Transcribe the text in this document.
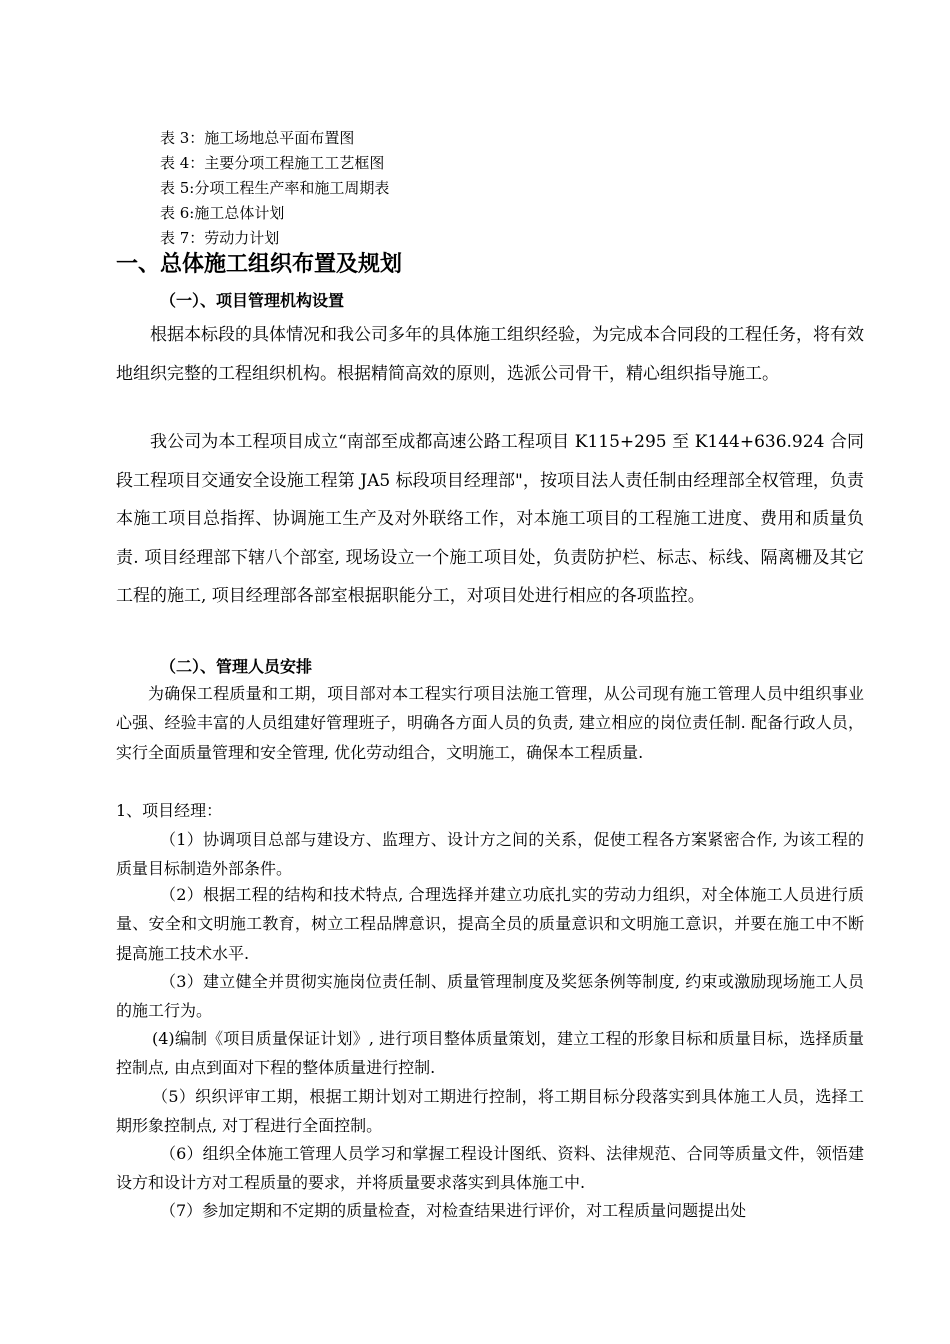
表 3：施工场地总平面布置图
表 4：主要分项工程施工工艺框图
表 5:分项工程生产率和施工周期表
表 6:施工总体计划
表 7：劳动力计划
一、总体施工组织布置及规划
（一）、项目管理机构设置
根据本标段的具体情况和我公司多年的具体施工组织经验，为完成本合同段的工程任务，将有效地组织完整的工程组织机构。根据精简高效的原则，选派公司骨干，精心组织指导施工。
我公司为本工程项目成立“南部至成都高速公路工程项目 K115+295 至 K144+636.924 合同段工程项目交通安全设施工程第 JA5 标段项目经理部"，按项目法人责任制由经理部全权管理，负责本施工项目总指挥、协调施工生产及对外联络工作，对本施工项目的工程施工进度、费用和质量负责. 项目经理部下辖八个部室, 现场设立一个施工项目处，负责防护栏、标志、标线、隔离栅及其它工程的施工, 项目经理部各部室根据职能分工，对项目处进行相应的各项监控。
（二）、管理人员安排
为确保工程质量和工期，项目部对本工程实行项目法施工管理，从公司现有施工管理人员中组织事业心强、经验丰富的人员组建好管理班子，明确各方面人员的负责, 建立相应的岗位责任制. 配备行政人员，实行全面质量管理和安全管理, 优化劳动组合，文明施工，确保本工程质量.
1、项目经理：
（1）协调项目总部与建设方、监理方、设计方之间的关系，促使工程各方案紧密合作, 为该工程的质量目标制造外部条件。
（2）根据工程的结构和技术特点, 合理选择并建立功底扎实的劳动力组织，对全体施工人员进行质量、安全和文明施工教育，树立工程品牌意识，提高全员的质量意识和文明施工意识，并要在施工中不断提高施工技术水平.
（3）建立健全并贯彻实施岗位责任制、质量管理制度及奖惩条例等制度, 约束或激励现场施工人员的施工行为。
(4)编制《项目质量保证计划》, 进行项目整体质量策划，建立工程的形象目标和质量目标，选择质量控制点, 由点到面对下程的整体质量进行控制.
（5）织织评审工期，根据工期计划对工期进行控制，将工期目标分段落实到具体施工人员，选择工期形象控制点, 对丁程进行全面控制。
（6）组织全体施工管理人员学习和掌握工程设计图纸、资料、法律规范、合同等质量文件，领悟建设方和设计方对工程质量的要求，并将质量要求落实到具体施工中.
（7）参加定期和不定期的质量检查，对检查结果进行评价，对工程质量问题提出处
